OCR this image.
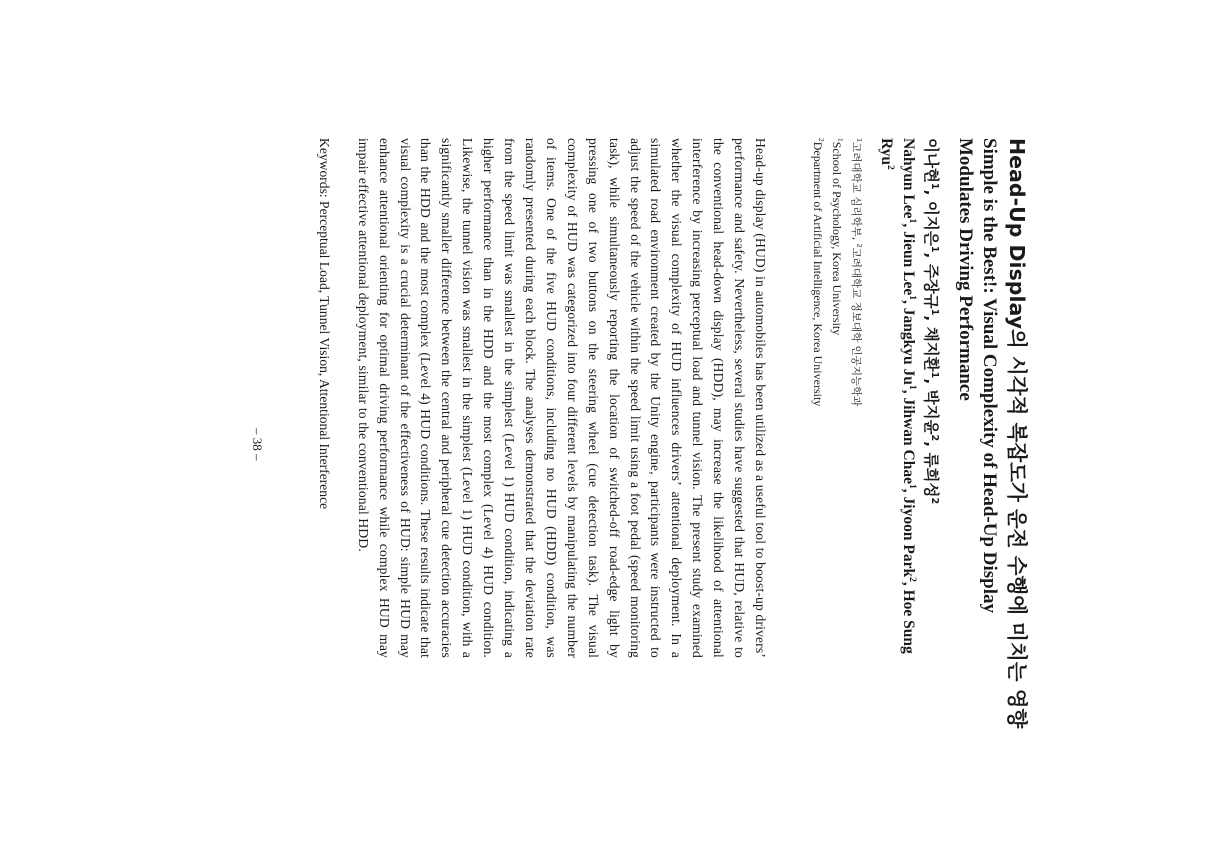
Head-Up Display의 시각적 복잡도가 운전 수행에 미치는 영향
Simple is the Best!: Visual Complexity of Head-Up Display Modulates Driving Performance

이나현$^1$, 이지은$^1$, 주장규$^1$, 채지환$^1$, 박지윤$^2$, 류희성$^2$

Nahyun Lee$^1$, Jieun Lee$^1$, Jangkyu Ju$^1$, Jihwan Chae$^1$, Jiyoon Park$^2$, Hoe Sung Ryu$^2$

$^1$고려대학교 심리학부, $^2$고려대학교 정보대학 인공지능학과

$^1$School of Psychology, Korea University

$^2$Department of Artificial Intelligence, Korea University

Head-up display (HUD) in automobiles has been utilized as a useful tool to boost-up drivers’ performance and safety. Nevertheless, several studies have suggested that HUD, relative to the conventional head-down display (HDD), may increase the likelihood of attentional interference by increasing perceptual load and tunnel vision. The present study examined whether the visual complexity of HUD influences drivers’ attentional deployment. In a simulated road environment created by the Unity engine, participants were instructed to adjust the speed of the vehicle within the speed limit using a foot pedal (speed monitoring task), while simultaneously reporting the location of switched-off road-edge light by pressing one of two buttons on the steering wheel (cue detection task). The visual complexity of HUD was categorized into four different levels by manipulating the number of items. One of the five HUD conditions, including no HUD (HDD) condition, was randomly presented during each block. The analyses demonstrated that the deviation rate from the speed limit was smallest in the simplest (Level 1) HUD condition, indicating a higher performance than in the HDD and the most complex (Level 4) HUD condition. Likewise, the tunnel vision was smallest in the simplest (Level 1) HUD condition, with a significantly smaller difference between the central and peripheral cue detection accuracies than the HDD and the most complex (Level 4) HUD conditions. These results indicate that visual complexity is a crucial determinant of the effectiveness of HUD: simple HUD may enhance attentional orienting for optimal driving performance while complex HUD may impair effective attentional deployment, similar to the conventional HDD.

Keywords: Perceptual Load, Tunnel Vision, Attentional Interference

– 38 –
